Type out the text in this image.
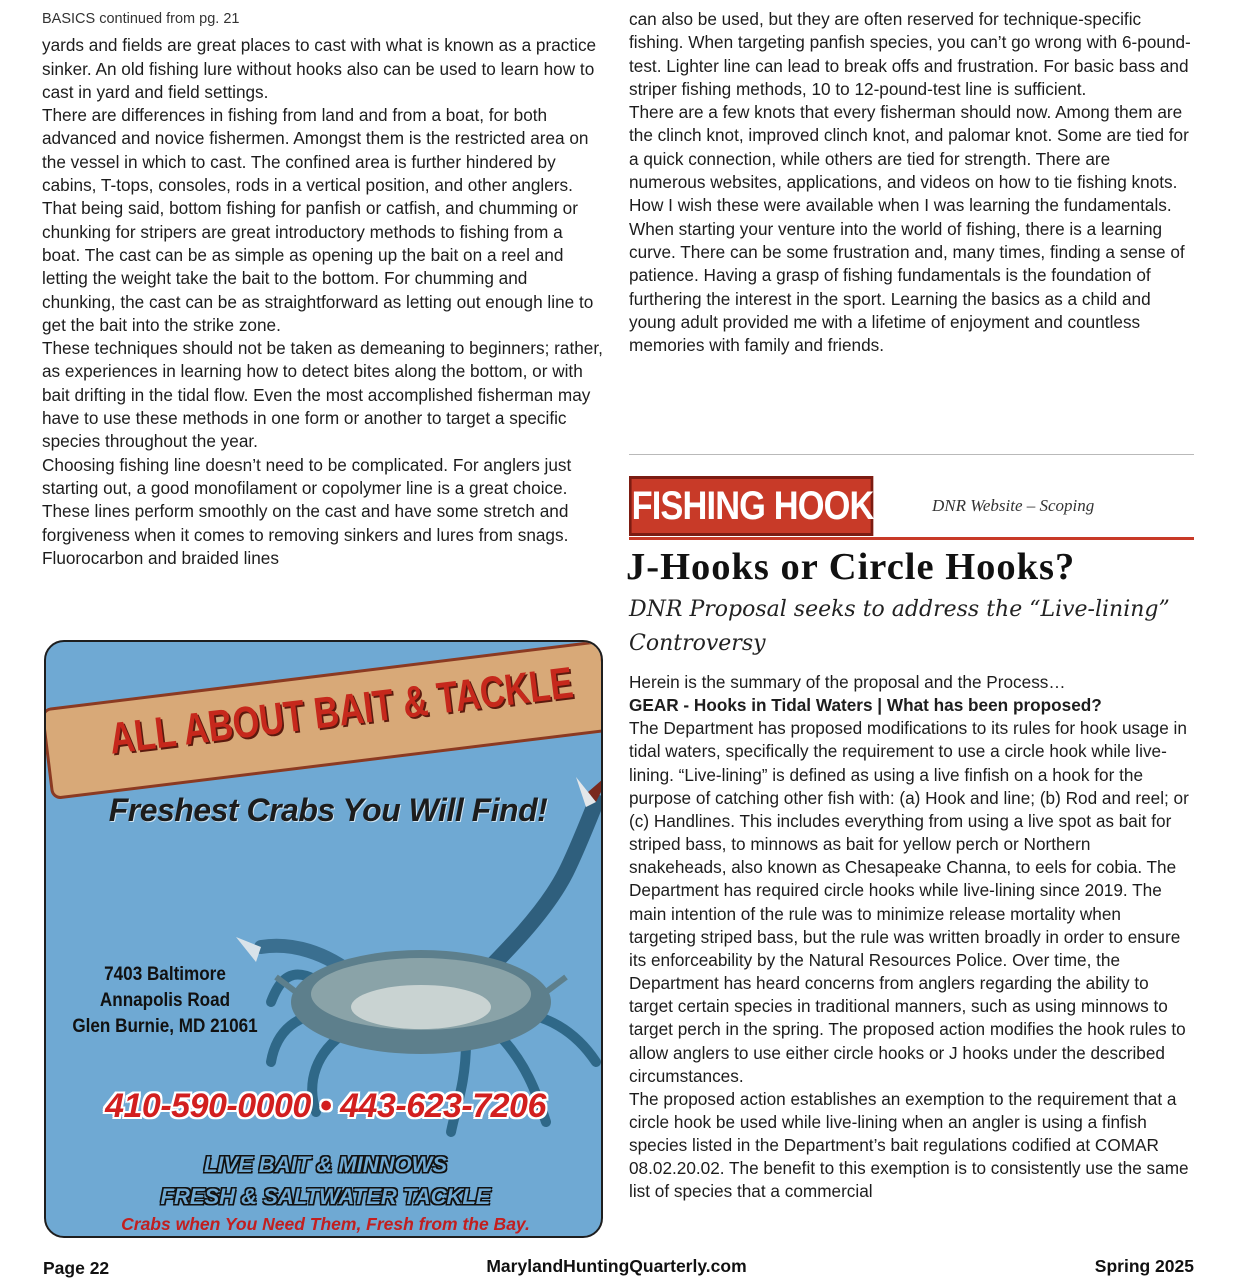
BASICS continued from pg. 21

yards and fields are great places to cast with what is known as a practice sinker. An old fishing lure without hooks also can be used to learn how to cast in yard and field settings.

There are differences in fishing from land and from a boat, for both advanced and novice fishermen. Amongst them is the restricted area on the vessel in which to cast. The confined area is further hindered by cabins, T-tops, consoles, rods in a vertical position, and other anglers. That being said, bottom fishing for panfish or catfish, and chumming or chunking for stripers are great introductory methods to fishing from a boat. The cast can be as simple as opening up the bait on a reel and letting the weight take the bait to the bottom. For chumming and chunking, the cast can be as straightforward as letting out enough line to get the bait into the strike zone.

These techniques should not be taken as demeaning to beginners; rather, as experiences in learning how to detect bites along the bottom, or with bait drifting in the tidal flow. Even the most accomplished fisherman may have to use these methods in one form or another to target a specific species throughout the year.

Choosing fishing line doesn’t need to be complicated. For anglers just starting out, a good monofilament or copolymer line is a great choice. These lines perform smoothly on the cast and have some stretch and forgiveness when it comes to removing sinkers and lures from snags. Fluorocarbon and braided lines

can also be used, but they are often reserved for technique-specific fishing. When targeting panfish species, you can’t go wrong with 6-pound-test. Lighter line can lead to break offs and frustration. For basic bass and striper fishing methods, 10 to 12-pound-test line is sufficient.

There are a few knots that every fisherman should now. Among them are the clinch knot, improved clinch knot, and palomar knot. Some are tied for a quick connection, while others are tied for strength. There are numerous websites, applications, and videos on how to tie fishing knots. How I wish these were available when I was learning the fundamentals.

When starting your venture into the world of fishing, there is a learning curve. There can be some frustration and, many times, finding a sense of patience. Having a grasp of fishing fundamentals is the foundation of furthering the interest in the sport. Learning the basics as a child and young adult provided me with a lifetime of enjoyment and countless memories with family and friends.

FISHING HOOKS DNR Website – Scoping
J-Hooks or Circle Hooks?
DNR Proposal seeks to address the “Live-lining” Controversy

Herein is the summary of the proposal and the Process…

GEAR - Hooks in Tidal Waters | What has been proposed?

The Department has proposed modifications to its rules for hook usage in tidal waters, specifically the requirement to use a circle hook while live-lining. “Live-lining” is defined as using a live finfish on a hook for the purpose of catching other fish with: (a) Hook and line; (b) Rod and reel; or (c) Handlines. This includes everything from using a live spot as bait for striped bass, to minnows as bait for yellow perch or Northern snakeheads, also known as Chesapeake Channa, to eels for cobia. The Department has required circle hooks while live-lining since 2019. The main intention of the rule was to minimize release mortality when targeting striped bass, but the rule was written broadly in order to ensure its enforceability by the Natural Resources Police. Over time, the Department has heard concerns from anglers regarding the ability to target certain species in traditional manners, such as using minnows to target perch in the spring. The proposed action modifies the hook rules to allow anglers to use either circle hooks or J hooks under the described circumstances.

The proposed action establishes an exemption to the requirement that a circle hook be used while live-lining when an angler is using a finfish species listed in the Department’s bait regulations codified at COMAR 08.02.20.02. The benefit to this exemption is to consistently use the same list of species that a commercial

ALL ABOUT BAIT & TACKLE
Freshest Crabs You Will Find!
7403 Baltimore
Annapolis Road
Glen Burnie, MD 21061
410-590-0000 • 443-623-7206
LIVE BAIT & MINNOWS
FRESH & SALTWATER TACKLE
Crabs when You Need Them, Fresh from the Bay.
MarylandHuntingQuarterly.com
Page 22	Spring 2025
